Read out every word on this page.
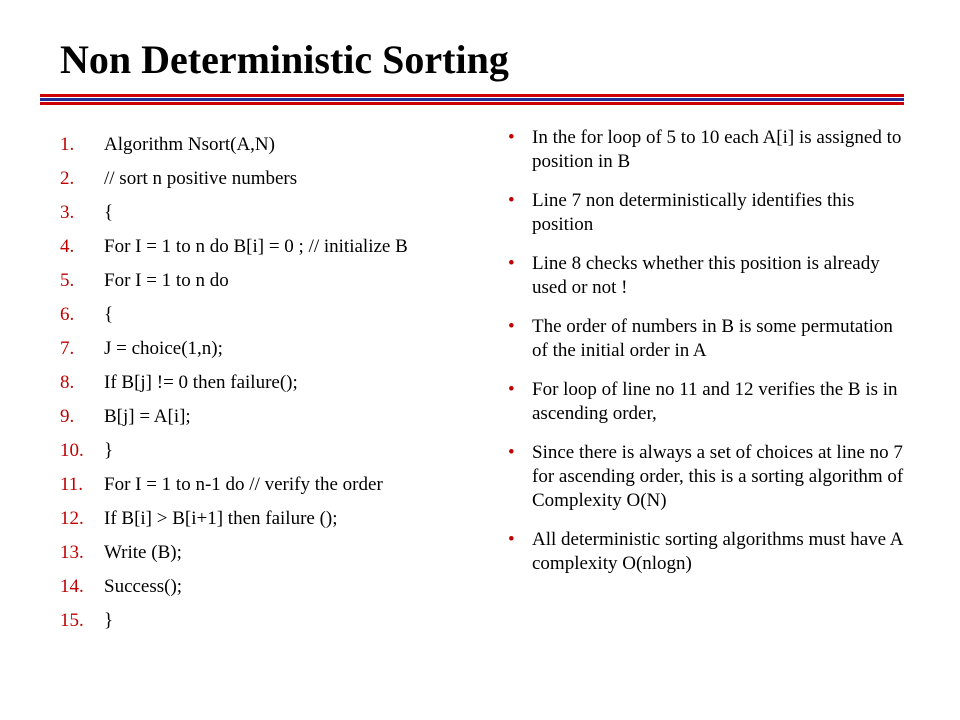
Non Deterministic Sorting
1. Algorithm Nsort(A,N)
2. // sort n positive numbers
3. {
4. For I = 1 to n do B[i] = 0 ; // initialize B
5. For I = 1 to n do
6. {
7. J = choice(1,n);
8. If B[j] != 0 then failure();
9. B[j] = A[i];
10. }
11. For I = 1 to n-1 do // verify the order
12. If B[i] > B[i+1] then failure ();
13. Write (B);
14. Success();
15. }
• In the for loop of 5 to 10 each A[i] is assigned to position in B
• Line 7 non deterministically identifies this position
• Line 8 checks whether this position is already used or not !
• The order of numbers in B is some permutation of the initial order in A
• For loop of line no 11 and 12 verifies the B is in ascending order,
• Since there is always a set of choices at line no 7 for ascending order, this is a sorting algorithm of Complexity O(N)
• All deterministic sorting algorithms must have A complexity O(nlogn)
